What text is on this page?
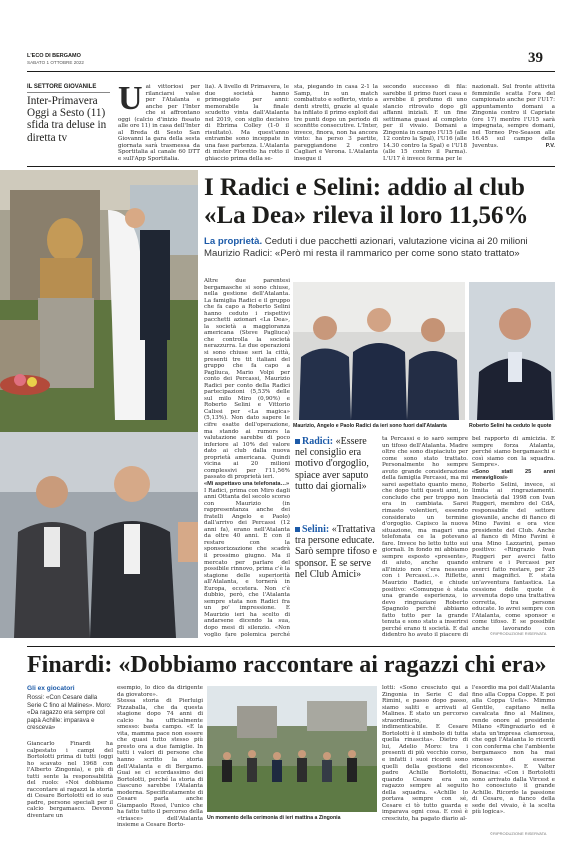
L'ECO DI BERGAMO
SABATO 1 OTTOBRE 2022	39
IL SETTORE GIOVANILE
Inter-Primavera Oggi a Sesto (11) sfida tra deluse in diretta tv
Uai vittoriosi per rilanciarsi valse per l'Atalanta e anche per l'Inter che si affrontano oggi (calcio d'inizio fissato alle ore 11) in casa dell'Inter al Breda di Sesto San Giovanni la gara della sesta giornata sarà trasmessa da Sportitalia al canale 60 DTT e sull'App Sportitalia.
lia). A livello di Primavera, le due società hanno primeggiato per anni: memorabile la finale scudetto vinta dall'Atalanta nel 2019, con siglio decisivo di Ebrima Colley (1-0 il risultato). Ma quest'anno entrambe sono inceppate in una fase partenza. L'Atalanta di mister Fioretto ha rotto il ghiaccio prima della se-
sta, piegando in casa 2-1 la Samp, in un match combattuto e sofferto, vinto a denti stretti, grazie al quale ha infilato il primo exploit dai tre punti dopo un periodo di sconfitte consecutive. L'Inter, invece, finora, non ha ancora vinto: ha perso 3 partite, pareggiandone 2 contro Cagliari e Verona. L'Atalanta insegue il
secondo successo di fila: sarebbe il primo fuori casa e avrebbe il profumo di uno slancio ritrovato dopo gli affanni iniziali. E un fine settimana guasi al completo per il vivaio. Domani a Zingonia in campo l'U15 (alle 12 contro la Spal), l'U16 (alle 14.30 contro la Spal) e l'U18 (alle 15 contro il Parma). L'U17 è invece ferma per le
nazionali. Sul fronte attività femminile scatta l'ora del campionato anche per l'U17: appuntamento domani a Zingonia contro il Capriate (ore 17) mentre l'U15 sarà impegnata, sempre domani, nel Torneo Pre-Season alle 16.45 sul campo della Juventus.	P.V.
I Radici e Selini: addio al club «La Dea» rileva il loro 11,56%
La proprietà. Ceduti i due pacchetti azionari, valutazione vicina ai 20 milioni Maurizio Radici: «Però mi resta il rammarico per come sono stato trattato»
Altre due parentesi bergamasche si sono chiuse, nella gestione dell'Atalanta. La famiglia Radici e il gruppo che fa capo a Roberto Selini hanno ceduto i rispettivi pacchetti azionari «La Dea», la società a maggioranza americana (Steve Pagliuca) che controlla la società nerazzurra. Le due operazioni si sono chiuse seri la città, presenti tre tit italiani del gruppo che fa capo a Pagliuca, Mario Volpi per conto dei Percassi, Maurizio Radici per conto della Radici partecipazioni (5,53% delle sul milo Miro (0,90%) e Roberto Selini e Vittorio Calissi per «La magica» (5,13%). Non dato sapere le cifre esatte dell'operazione, ma stando ai rumors la valutazione sarebbe di poco inferiore al 10% del valore dato ai club dalla nuova proprietà americana. Quindi vicina ai 20 milioni complessivi per l'11,56% passato di proprietà ieri.
«Mi aspettavo una telefonata…»
I Radici, prima con Miro dagli anni Ottanta del secolo scorso con Maurizio (in rappresentanza anche dei fratelli Angelo e Paolo) dall'arrivo dei Percassi (12 anni fa), erano nell'Atalanta da oltre 40 anni. E con il restare con la sponsorizzazione che scadrà il prossimo giugno. Ma il mercato per parlare del possibile rinnovo, prima c'è la stagione delle superiorità all'Atalanta, e tornerà in Europa, eccetera. Non c'è dubbio, però, che l'Atalanta sempre stata non Radici fra un po' impressione. E Maurizio ieri ha scelto di andarsene dicendo la sua, dopo mesi di silenzio. «Non voglio fare polemica perché
Maurizio, Angelo e Paolo Radici da ieri sono fuori dall'Atalanta	Roberto Selini ha ceduto le quote
Radici: «Essere nel consiglio era motivo d'orgoglio, spiace aver saputo tutto dai giornali»
Selini: «Trattativa tra persone educate. Sarò sempre tifoso e sponsor. E se serve nel Club Amici»
ta Percassi e io sarò sempre un tifoso dell'Atalanta. Madre oltre che sono dispiaciuto per come sono stato trattato. Personalmente ho sempre avuto grande considerazione della famiglia Percassi, ma mi sarei aspettato quanto meno, che dopo tutti questi anni, io concludo che per troppo non era in cambiata. Sarei rimasto volentieri, essendo considerato un termine d'orgoglio. Capisco la nuova situazione, ma magari una telefonata ce la potevano fare. Invece ho letto tutto sui giornali. In fondo mi abbiamo sempre esposto «presente», di aiuto, anche quando all'inizio non c'era nessuno con i Percassi...». Riflette, Maurizio Radici, e chiude positivo: «Comunque è stata una grande esperienza, io devo ringraziare Roberto Spagnolo perché abbiamo fatto tutto per la grande tenuta e sono stato a inserirsi perché erano ti società. E dal didentro ho avuto il piacere di
bel rapporto di amicizia. E sempre forza Atalanta, perché siamo bergamaschi e così siamo con la squadra. Sempre».
«Sono stati 25 anni meravigliosi»
Roberto Selini, invece, si limita ai ringraziamenti. Insocietà dal 1998 con Ivan Ruggeri, membro del CdA, responsabile del settore giovanile, anche di fianco di Mino Favini e ora vice presidente del Club. Anche al fianco di Mino Favini è una Mino Lazzarini, penso positivo: «Ringrazio Ivan Ruggeri per averci fatto entrare e i Percassi per averci fatto restare, per 25 anni magnifici. E stata un'avventura fantastica. La cessione delle quote è avvenuta dopo una trattativa corretta, tra persone educate. Io avrei sempre con l'Atalanta, come sponsor e come tifoso. E se possibile anche lavorando con
©RIPRODUZIONE RISERVATA
Finardi: «Dobbiamo raccontare ai ragazzi chi era»
Gli ex giocatori
Rossi: «Con Cesare dalla Serie C fino al Malines». Moro: «Da ragazzo era sempre col papà Achille: imparava e cresceva»
Giancarlo Finardi ha calpestato i campi del Bortolotti prima di tutti (oggi ho scavato nel 1968 con l'Alberto Zingonia), e più di tutti sente la responsabilità del ruolo: «Noi dobbiamo raccontare ai ragazzi la storia di Cesare Bortolotti ed io suo padre, persone speciali per il calcio bergamasco. Devono diventare un
esempio, lo dico da dirigente da giovatore».
Stessa storia di Pierluigi Pizzaballa, che da questa stagione dopo 74 anni di calcio ha ufficialmente smesso: basta campo. «E la vita, mamma pace non essere che quasi tutto stesso più presto ora a due famiglie. In tutti i valori di persone che hanno scritto la storia dell'Atalanta e di Bergamo. Guai se ci scordassimo dei Bortolotti, perché la storia di ciascuno sarebbe l'Atalanta moderna. Specificatamente di Cesare parla anche Giampaolo Rossi, l'unico che ha fatto tutto il percorso della «triasce» dell'Atalanta insieme a Cesare Borto-
Un momento della cerimonia di ieri mattina a Zingonia
lotti: «Sono cresciuto qui a Zingonia in Serie C dal Rimini, e passo dopo passo, siamo saliti e arrivati al Malines. È stato un percorso straordinario, indimenticabile. E Cesare Bortolotti è il simbolo di tutta quella rinascita». Dietro di lui, Adelio Moro: tra i presenti di più vecchio corso, e infatti i suoi ricordi sono quelli della gestione del padre Achille Bortolotti, quando Cesare era un ragazzo sempre al seguito della squadra. «Achille lo portava sempre con sé, Cesare ci tò tutto guarda e imparava ogni cosa. E così è cresciuto, ha pagato diario al-
l'esordio ma poi dall'Atalanta fino alla Coppa Coppe. E poi alla Coppa Uefa». Mimmo Gentile, capitano nella cavalcata fino al Malines, rende onore al presidente Milano «Ringraziarlo ed è stata un'impresa clamorosa, che oggi l'Atalanta lo ricordi con conferma che l'ambiente bergamasco non ha mai smesso di esserne riconoscente». E Valter Bonacina: «Con i Bortolotti sono arrivato dalla Vircest e ho conosciuto il grande Achille. Ricordo la passione di Cesare, a fianco della sede del vivaio, è la scelta più logica».
©RIPRODUZIONE RISERVATA
